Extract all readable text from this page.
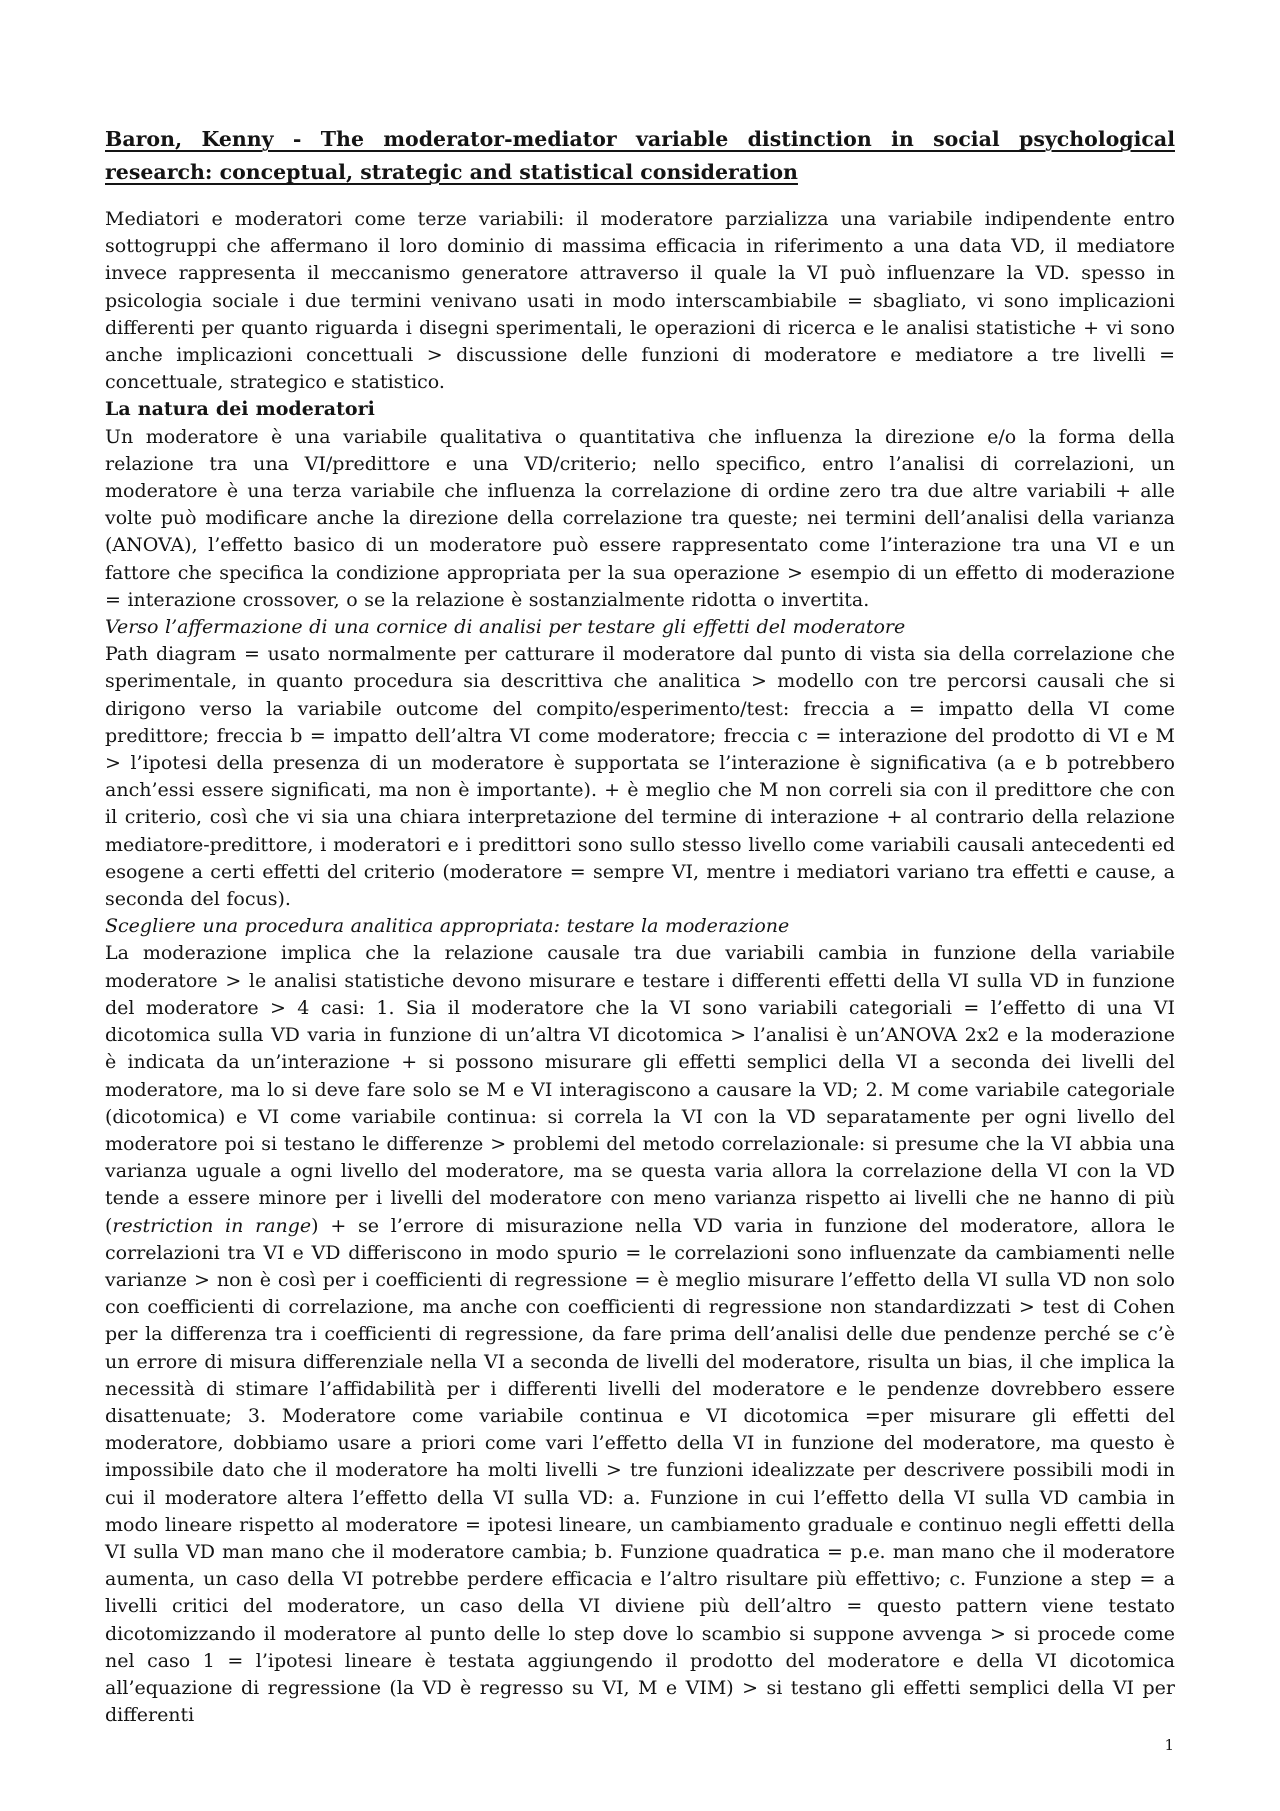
Baron, Kenny - The moderator-mediator variable distinction in social psychological research: conceptual, strategic and statistical consideration

Mediatori e moderatori come terze variabili: il moderatore parzializza una variabile indipendente entro sottogruppi che affermano il loro dominio di massima efficacia in riferimento a una data VD, il mediatore invece rappresenta il meccanismo generatore attraverso il quale la VI può influenzare la VD. spesso in psicologia sociale i due termini venivano usati in modo interscambiabile = sbagliato, vi sono implicazioni differenti per quanto riguarda i disegni sperimentali, le operazioni di ricerca e le analisi statistiche + vi sono anche implicazioni concettuali > discussione delle funzioni di moderatore e mediatore a tre livelli = concettuale, strategico e statistico.

La natura dei moderatori

Un moderatore è una variabile qualitativa o quantitativa che influenza la direzione e/o la forma della relazione tra una VI/predittore e una VD/criterio; nello specifico, entro l’analisi di correlazioni, un moderatore è una terza variabile che influenza la correlazione di ordine zero tra due altre variabili + alle volte può modificare anche la direzione della correlazione tra queste; nei termini dell’analisi della varianza (ANOVA), l’effetto basico di un moderatore può essere rappresentato come l’interazione tra una VI e un fattore che specifica la condizione appropriata per la sua operazione > esempio di un effetto di moderazione = interazione crossover, o se la relazione è sostanzialmente ridotta o invertita.

Verso l’affermazione di una cornice di analisi per testare gli effetti del moderatore

Path diagram = usato normalmente per catturare il moderatore dal punto di vista sia della correlazione che sperimentale, in quanto procedura sia descrittiva che analitica > modello con tre percorsi causali che si dirigono verso la variabile outcome del compito/esperimento/test: freccia a = impatto della VI come predittore; freccia b = impatto dell’altra VI come moderatore; freccia c = interazione del prodotto di VI e M > l’ipotesi della presenza di un moderatore è supportata se l’interazione è significativa (a e b potrebbero anch’essi essere significati, ma non è importante). + è meglio che M non correli sia con il predittore che con il criterio, così che vi sia una chiara interpretazione del termine di interazione + al contrario della relazione mediatore-predittore, i moderatori e i predittori sono sullo stesso livello come variabili causali antecedenti ed esogene a certi effetti del criterio (moderatore = sempre VI, mentre i mediatori variano tra effetti e cause, a seconda del focus).

Scegliere una procedura analitica appropriata: testare la moderazione

La moderazione implica che la relazione causale tra due variabili cambia in funzione della variabile moderatore > le analisi statistiche devono misurare e testare i differenti effetti della VI sulla VD in funzione del moderatore > 4 casi: 1. Sia il moderatore che la VI sono variabili categoriali = l’effetto di una VI dicotomica sulla VD varia in funzione di un’altra VI dicotomica > l’analisi è un’ANOVA 2x2 e la moderazione è indicata da un’interazione + si possono misurare gli effetti semplici della VI a seconda dei livelli del moderatore, ma lo si deve fare solo se M e VI interagiscono a causare la VD; 2. M come variabile categoriale (dicotomica) e VI come variabile continua: si correla la VI con la VD separatamente per ogni livello del moderatore poi si testano le differenze > problemi del metodo correlazionale: si presume che la VI abbia una varianza uguale a ogni livello del moderatore, ma se questa varia allora la correlazione della VI con la VD tende a essere minore per i livelli del moderatore con meno varianza rispetto ai livelli che ne hanno di più (restriction in range) + se l’errore di misurazione nella VD varia in funzione del moderatore, allora le correlazioni tra VI e VD differiscono in modo spurio = le correlazioni sono influenzate da cambiamenti nelle varianze > non è così per i coefficienti di regressione = è meglio misurare l’effetto della VI sulla VD non solo con coefficienti di correlazione, ma anche con coefficienti di regressione non standardizzati > test di Cohen per la differenza tra i coefficienti di regressione, da fare prima dell’analisi delle due pendenze perché se c’è un errore di misura differenziale nella VI a seconda de livelli del moderatore, risulta un bias, il che implica la necessità di stimare l’affidabilità per i differenti livelli del moderatore e le pendenze dovrebbero essere disattenuate; 3. Moderatore come variabile continua e VI dicotomica =per misurare gli effetti del moderatore, dobbiamo usare a priori come vari l’effetto della VI in funzione del moderatore, ma questo è impossibile dato che il moderatore ha molti livelli > tre funzioni idealizzate per descrivere possibili modi in cui il moderatore altera l’effetto della VI sulla VD: a. Funzione in cui l’effetto della VI sulla VD cambia in modo lineare rispetto al moderatore = ipotesi lineare, un cambiamento graduale e continuo negli effetti della VI sulla VD man mano che il moderatore cambia; b. Funzione quadratica = p.e. man mano che il moderatore aumenta, un caso della VI potrebbe perdere efficacia e l’altro risultare più effettivo; c. Funzione a step = a livelli critici del moderatore, un caso della VI diviene più dell’altro = questo pattern viene testato dicotomizzando il moderatore al punto delle lo step dove lo scambio si suppone avvenga > si procede come nel caso 1 = l’ipotesi lineare è testata aggiungendo il prodotto del moderatore e della VI dicotomica all’equazione di regressione (la VD è regresso su VI, M e VIM) > si testano gli effetti semplici della VI per differenti

1
